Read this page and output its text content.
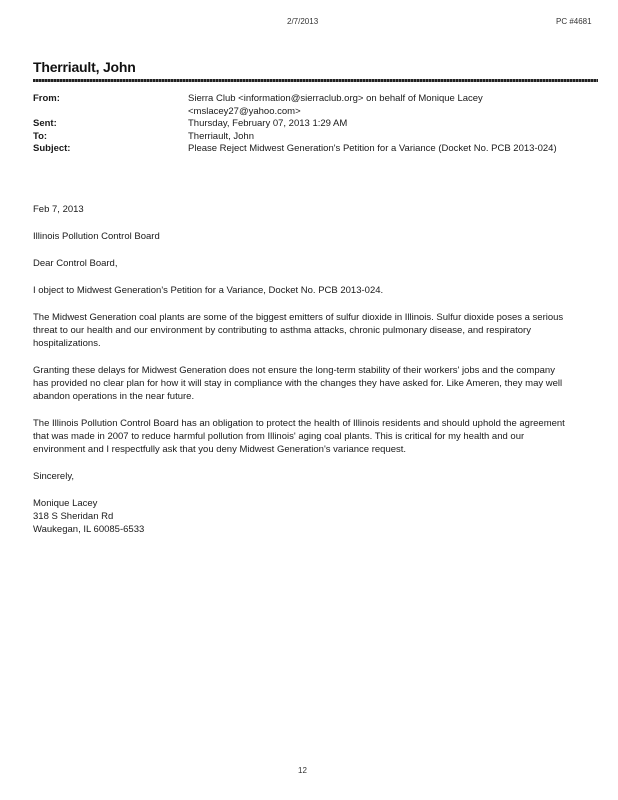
2/7/2013	PC #4681
Therriault, John
From:	Sierra Club <information@sierraclub.org> on behalf of Monique Lacey <mslacey27@yahoo.com>
Sent:	Thursday, February 07, 2013 1:29 AM
To:	Therriault, John
Subject:	Please Reject Midwest Generation's Petition for a Variance (Docket No. PCB 2013-024)

Feb 7, 2013

Illinois Pollution Control Board

Dear Control Board,

I object to Midwest Generation's Petition for a Variance, Docket No. PCB 2013-024.

The Midwest Generation coal plants are some of the biggest emitters of sulfur dioxide in Illinois. Sulfur dioxide poses a serious threat to our health and our environment by contributing to asthma attacks, chronic pulmonary disease, and respiratory hospitalizations.

Granting these delays for Midwest Generation does not ensure the long-term stability of their workers' jobs and the company has provided no clear plan for how it will stay in compliance with the changes they have asked for. Like Ameren, they may well abandon operations in the near future.

The Illinois Pollution Control Board has an obligation to protect the health of Illinois residents and should uphold the agreement that was made in 2007 to reduce harmful pollution from Illinois' aging coal plants. This is critical for my health and our environment and I respectfully ask that you deny Midwest Generation's variance request.

Sincerely,

Monique Lacey
318 S Sheridan Rd
Waukegan, IL 60085-6533

12
